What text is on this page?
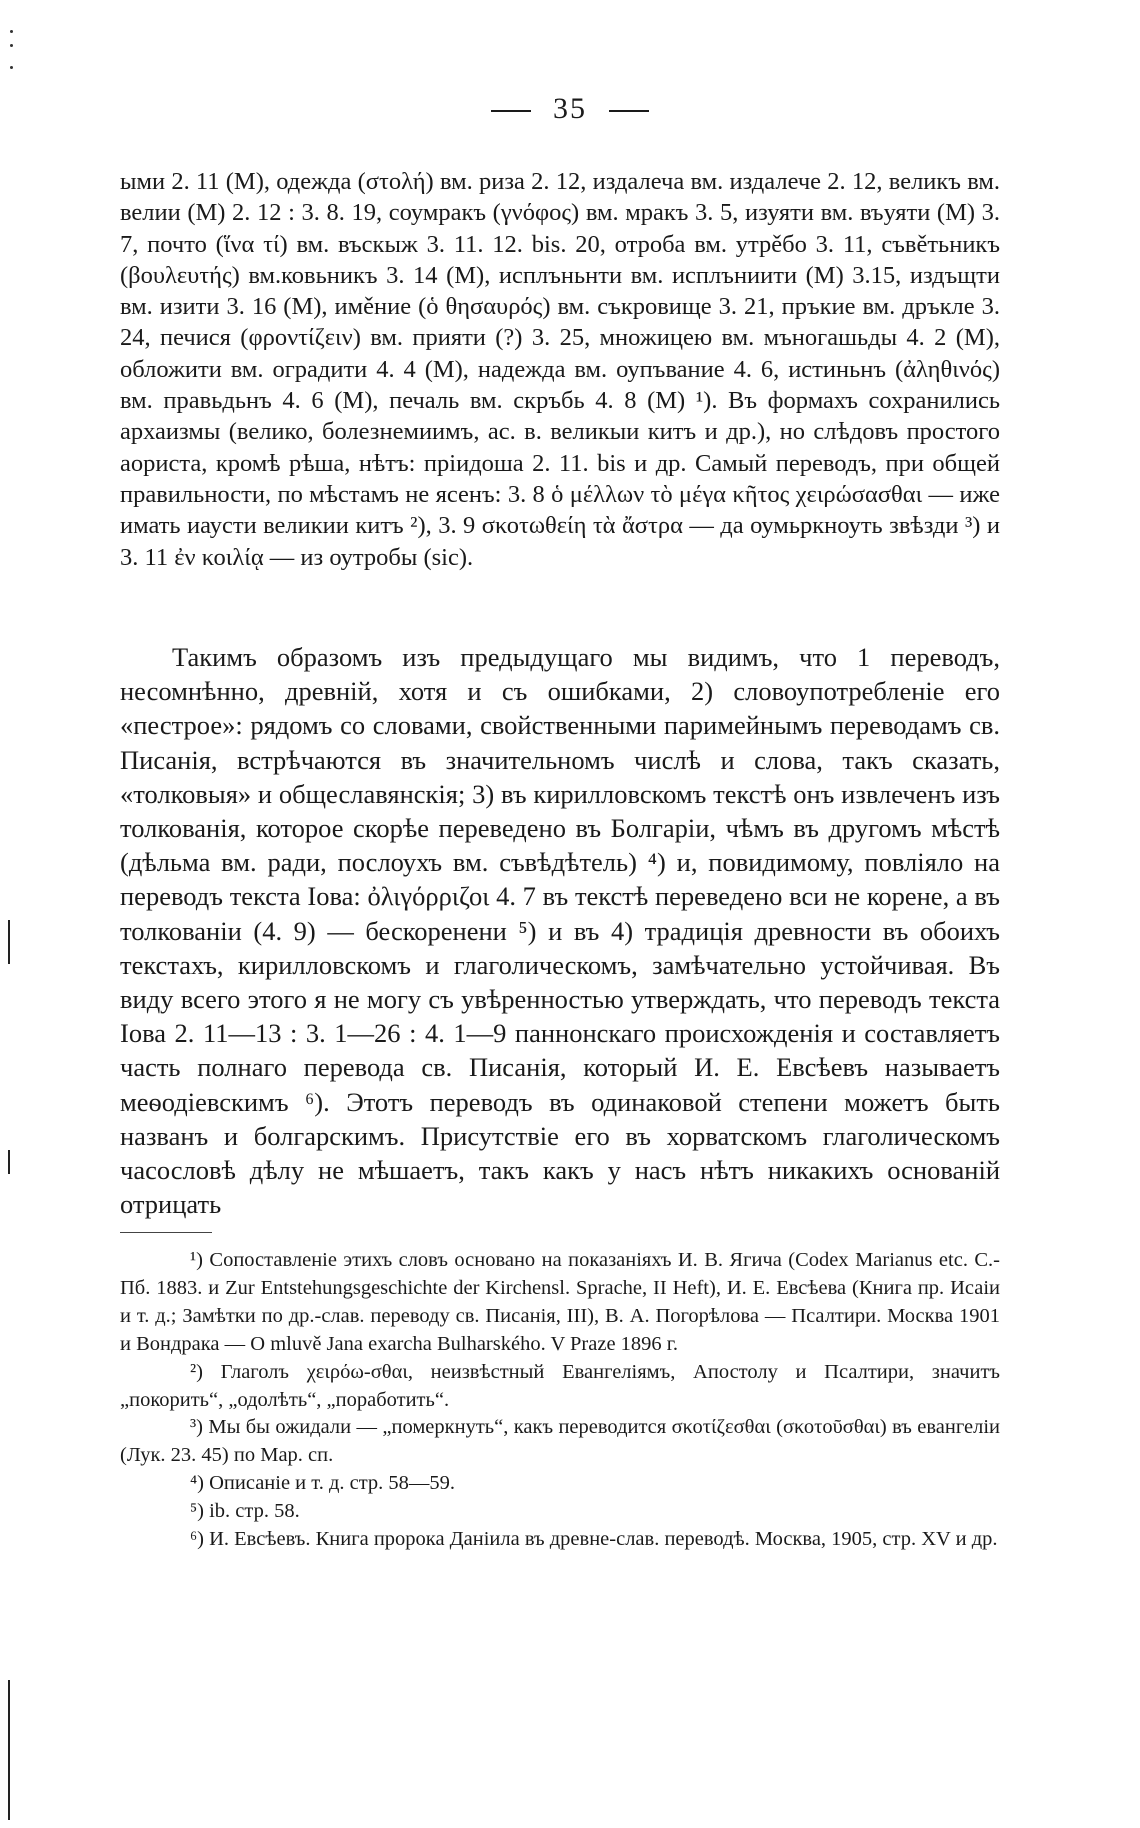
35

ыми 2. 11 (М), одежда (στολή) вм. риза 2. 12, издалеча вм. издалече 2. 12, великъ вм. велии (М) 2. 12 : 3. 8. 19, соумракъ (γνόφος) вм. мракъ 3. 5, изуяти вм. въуяти (М) 3. 7, почто (ἵνα τί) вм. въскыж 3. 11. 12. bis. 20, отроба вм. утрěбо 3. 11, съвěтьникъ (βουλευτής) вм.ковьникъ 3. 14 (М), исплъньнти вм. исплъниити (М) 3.15, издъщти вм. изити 3. 16 (М), имěние (ὁ θησαυρός) вм. съкровище 3. 21, пръкие вм. дръкле 3. 24, печися (φροντίζειν) вм. прияти (?) 3. 25, множицею вм. мъногашьды 4. 2 (М), обложити вм. оградити 4. 4 (М), надежда вм. оупъвание 4. 6, истиньнъ (ἀληθινός) вм. правьдьнъ 4. 6 (М), печаль вм. скръбь 4. 8 (М) ¹). Въ формахъ сохранились архаизмы (велико, болезнемиимъ, ас. в. великыи китъ и др.), но слѣдовъ простого аориста, кромѣ рѣша, нѣтъ: прiидоша 2. 11. bis и др. Самый переводъ, при общей правильности, по мѣстамъ не ясенъ: 3. 8 ὁ μέλλων τὸ μέγα κῆτος χειρώσασθαι — иже имать иаусти великии китъ ²), 3. 9 σκοτωθείη τὰ ἄστρα — да оумьркноуть звѣзди ³) и 3. 11 ἐν κοιλίᾳ — из оутробы (sic).

Такимъ образомъ изъ предыдущаго мы видимъ, что 1 переводъ, несомнѣнно, древній, хотя и съ ошибками, 2) словоупотребленіе его «пестрое»: рядомъ со словами, свойственными паримейнымъ переводамъ св. Писанія, встрѣчаются въ значительномъ числѣ и слова, такъ сказать, «толковыя» и общеславянскія; 3) въ кирилловскомъ текстѣ онъ извлеченъ изъ толкованія, которое скорѣе переведено въ Болгаріи, чѣмъ въ другомъ мѣстѣ (дѣльма вм. ради, послоухъ вм. съвѣдѣтель) ⁴) и, повидимому, повліяло на переводъ текста Іова: ὀλιγόρριζοι 4. 7 въ текстѣ переведено вси не корене, а въ толкованіи (4. 9) — бескоренени ⁵) и въ 4) традиція древности въ обоихъ текстахъ, кирилловскомъ и глаголическомъ, замѣчательно устойчивая. Въ виду всего этого я не могу съ увѣренностью утверждать, что переводъ текста Іова 2. 11—13 : 3. 1—26 : 4. 1—9 паннонскаго происхожденія и составляетъ часть полнаго перевода св. Писанія, который И. Е. Евсѣевъ называетъ меѳодіевскимъ ⁶). Этотъ переводъ въ одинаковой степени можетъ быть названъ и болгарскимъ. Присутствіе его въ хорватскомъ глаголическомъ часословѣ дѣлу не мѣшаетъ, такъ какъ у насъ нѣтъ никакихъ основаній отрицать

¹) Сопоставленіе этихъ словъ основано на показаніяхъ И. В. Ягича (Codex Marianus etc. С.-Пб. 1883. и Zur Entstehungsgeschichte der Kirchensl. Sprache, II Heft), И. Е. Евсѣева (Книга пр. Исаіи и т. д.; Замѣтки по др.-слав. переводу св. Писанія, III), В. А. Погорѣлова — Псалтири. Москва 1901 и Вондрака — O mluvě Jana exarcha Bulharského. V Praze 1896 г.

²) Глаголъ χειρόω-σθαι, неизвѣстный Евангеліямъ, Апостолу и Псалтири, значитъ „покорить“, „одолѣть“, „поработить“.

³) Мы бы ожидали — „померкнуть“, какъ переводится σκοτίζεσθαι (σκοτοῦσθαι) въ евангеліи (Лук. 23. 45) по Мар. сп.

⁴) Описаніе и т. д. стр. 58—59.

⁵) ib. стр. 58.

⁶) И. Евсѣевъ. Книга пророка Даніила въ древне-слав. переводѣ. Москва, 1905, стр. XV и др.
